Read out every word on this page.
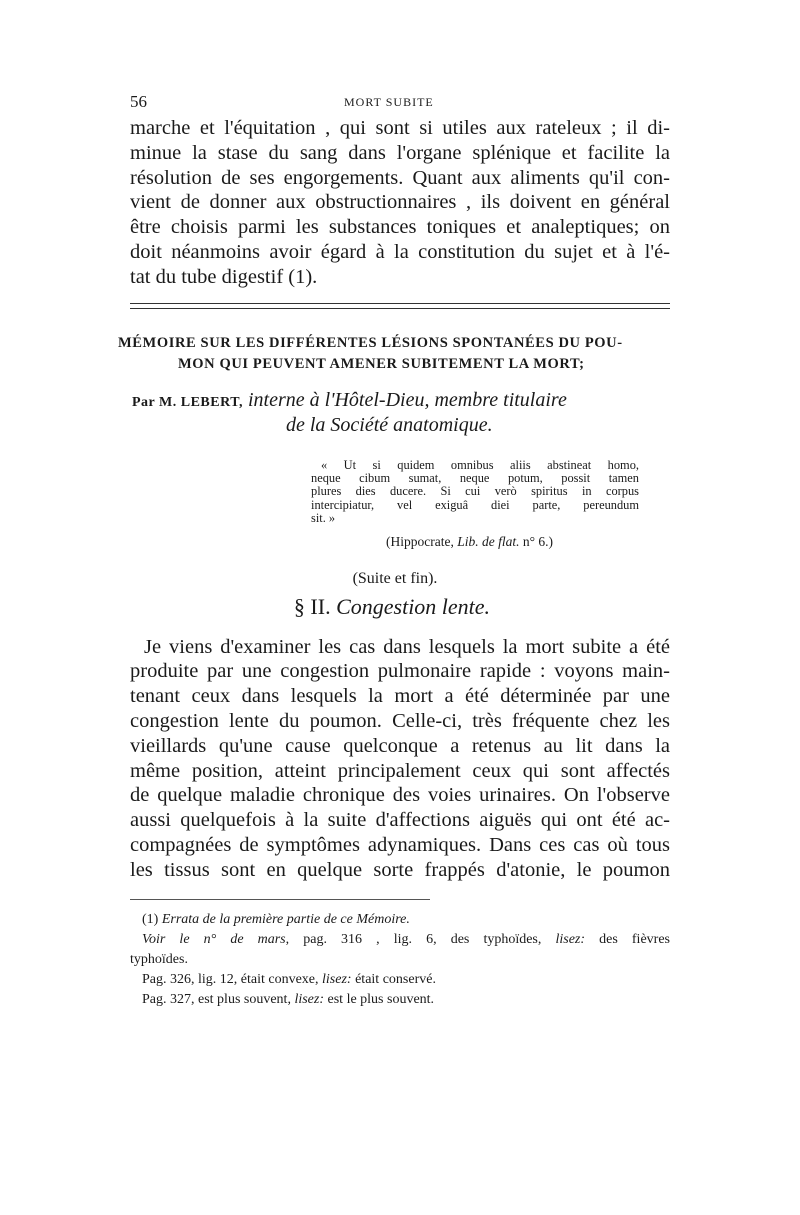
56	MORT SUBITE

marche et l'équitation , qui sont si utiles aux rateleux ; il di-
minue la stase du sang dans l'organe splénique et facilite la
résolution de ses engorgements. Quant aux aliments qu'il con-
vient de donner aux obstructionnaires , ils doivent en général
être choisis parmi les substances toniques et analeptiques; on
doit néanmoins avoir égard à la constitution du sujet et à l'é-
tat du tube digestif (1).

MÉMOIRE SUR LES DIFFÉRENTES LÉSIONS SPONTANÉES DU POU-
MON QUI PEUVENT AMENER SUBITEMENT LA MORT;
Par M. LEBERT, interne à l'Hôtel-Dieu, membre titulaire
de la Société anatomique.
« Ut si quidem omnibus aliis abstineat homo,
neque cibum sumat, neque potum, possit tamen
plures dies ducere. Si cui verò spiritus in corpus
intercipiatur, vel exiguâ diei parte, pereundum
sit. »
(Hippocrate, Lib. de flat. n° 6.)
(Suite et fin).
§ II. Congestion lente.

Je viens d'examiner les cas dans lesquels la mort subite a été
produite par une congestion pulmonaire rapide : voyons main-
tenant ceux dans lesquels la mort a été déterminée par une
congestion lente du poumon. Celle-ci, très fréquente chez les
vieillards qu'une cause quelconque a retenus au lit dans la
même position, atteint principalement ceux qui sont affectés
de quelque maladie chronique des voies urinaires. On l'observe
aussi quelquefois à la suite d'affections aiguës qui ont été ac-
compagnées de symptômes adynamiques. Dans ces cas où tous
les tissus sont en quelque sorte frappés d'atonie, le poumon

(1) Errata de la première partie de ce Mémoire.
Voir le n° de mars, pag. 316 , lig. 6, des typhoïdes, lisez: des fièvres
typhoïdes.
Pag. 326, lig. 12, était convexe, lisez: était conservé.
Pag. 327, est plus souvent, lisez: est le plus souvent.
